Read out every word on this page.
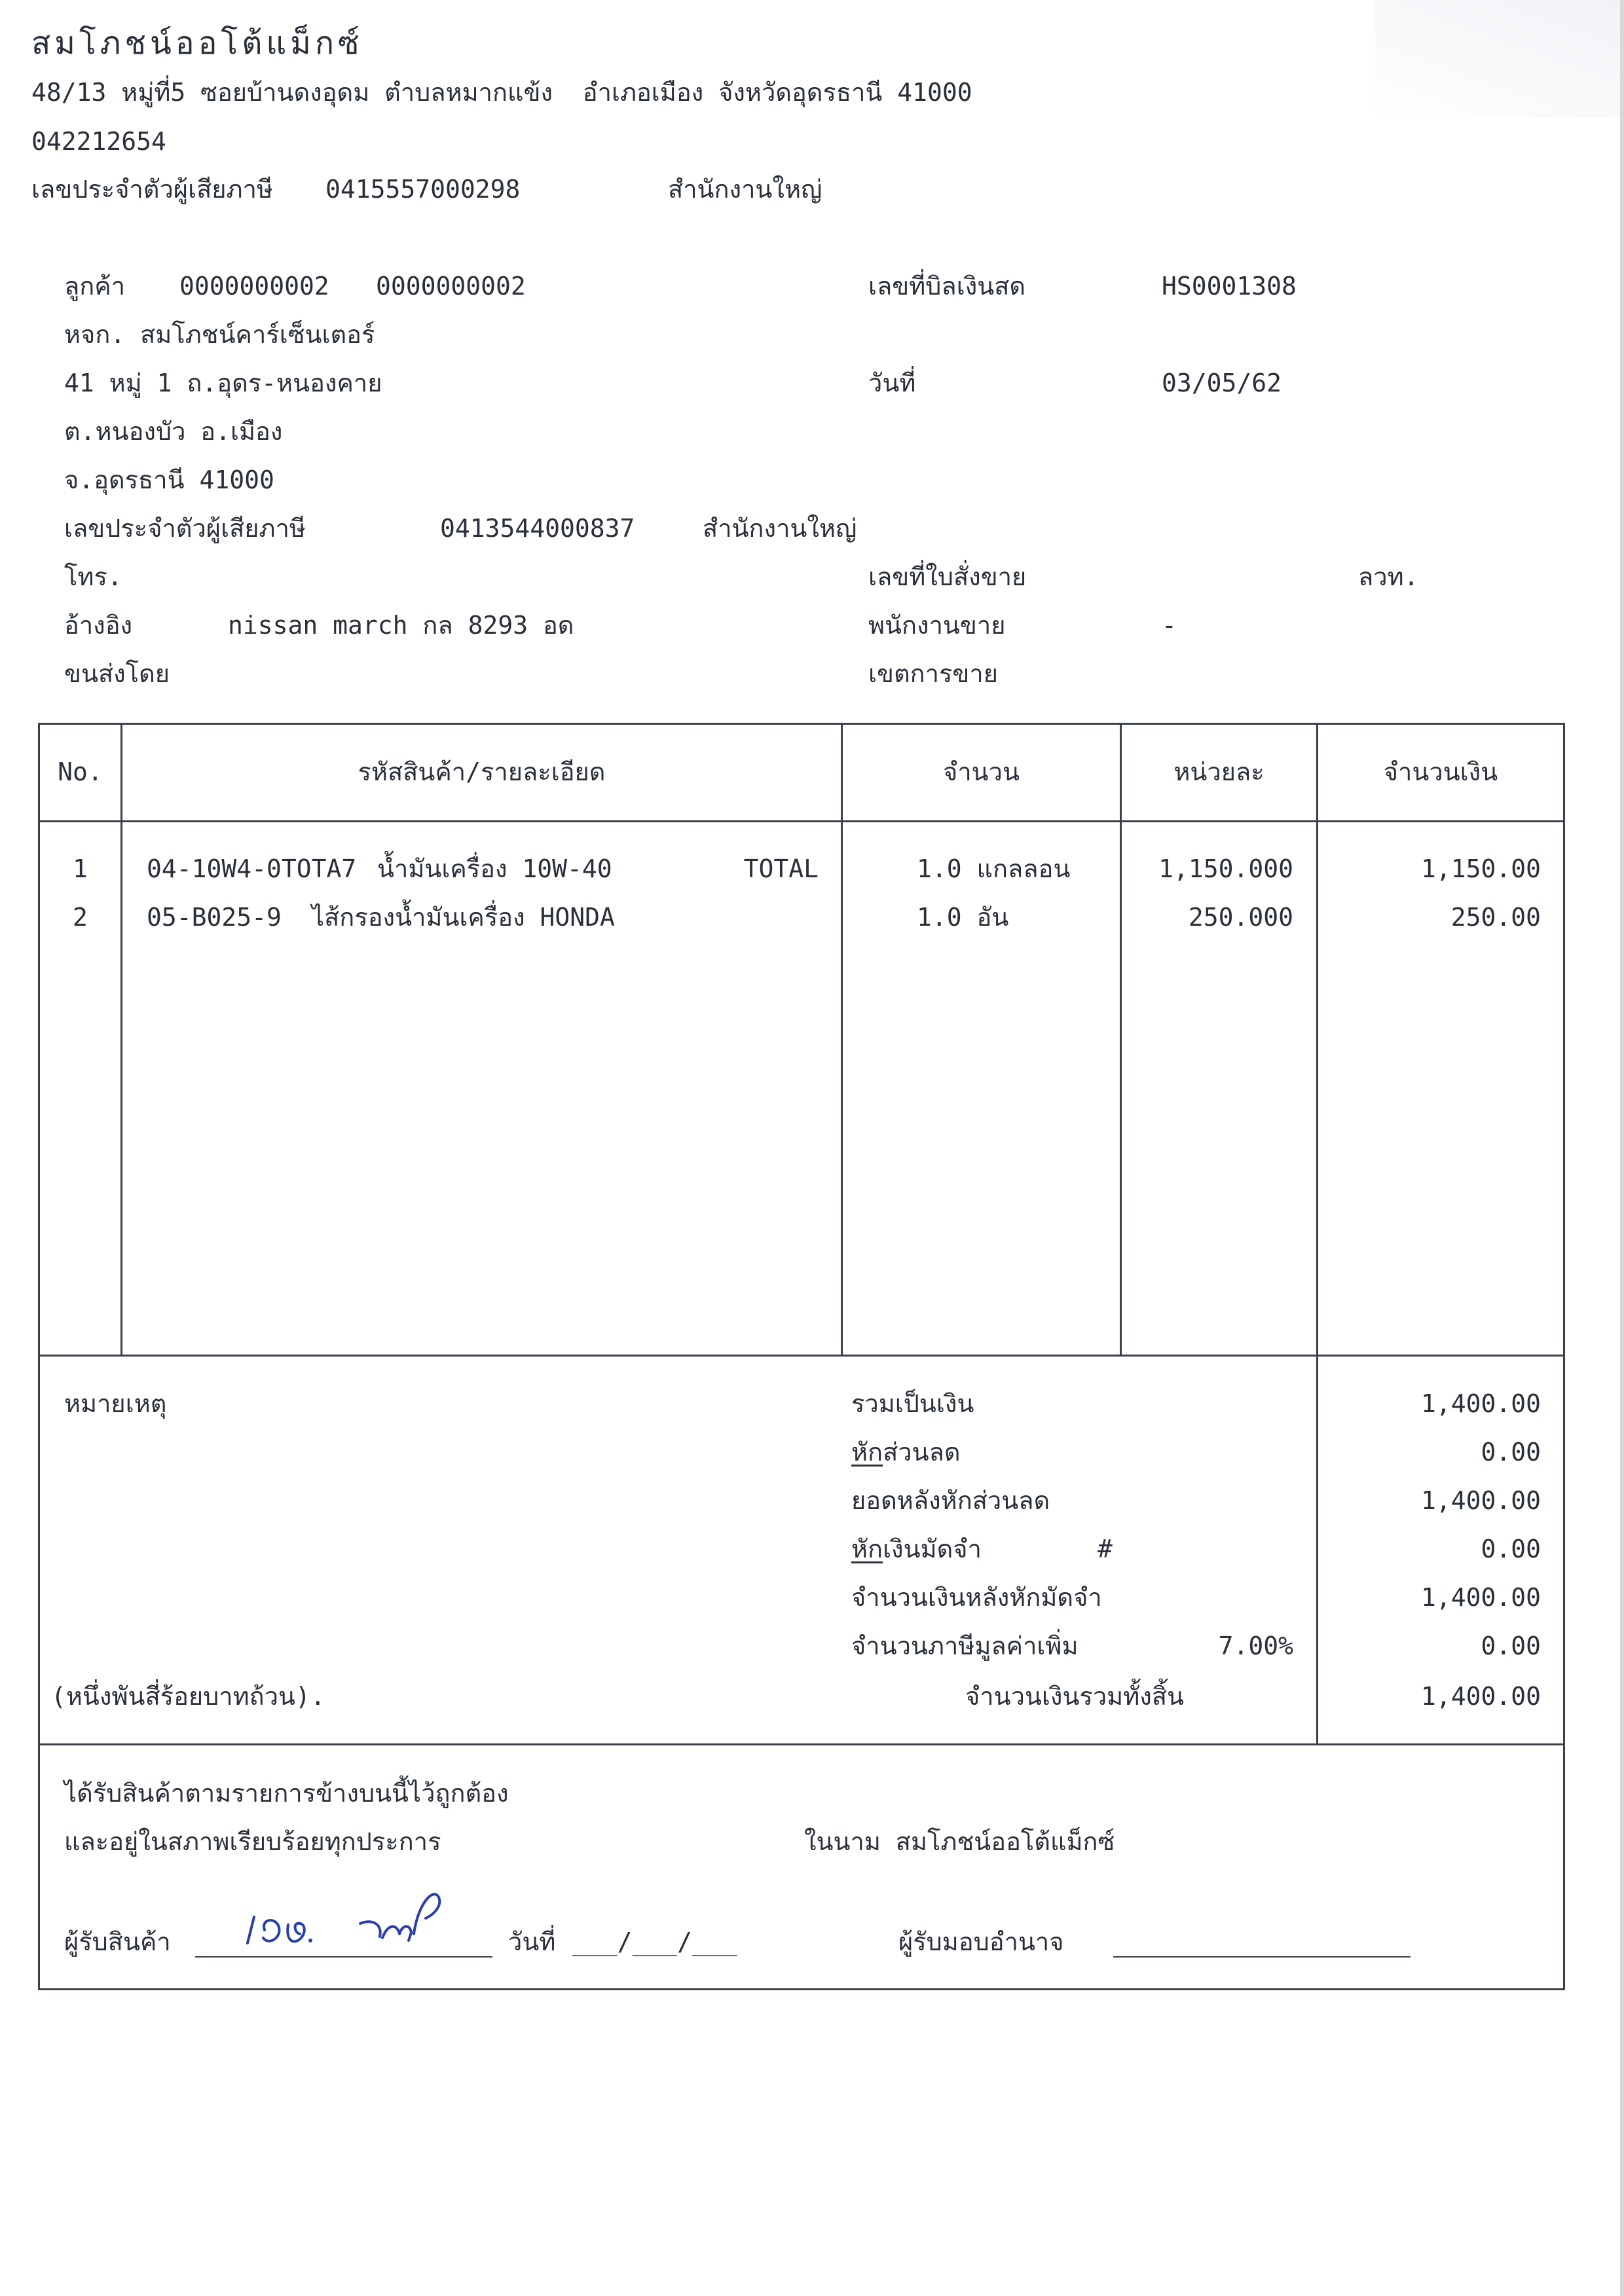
สมโภชน์ออโต้แม็กซ์
48/13 หมู่ที่5 ซอยบ้านดงอุดม ตำบลหมากแข้ง  อำเภอเมือง จังหวัดอุดรธานี 41000
042212654
เลขประจำตัวผู้เสียภาษี 0415557000298	สำนักงานใหญ่
ลูกค้า 0000000002 0000000002
หจก. สมโภชน์คาร์เซ็นเตอร์
41 หมู่ 1 ถ.อุดร-หนองคาย
ต.หนองบัว อ.เมือง
จ.อุดรธานี 41000
เลขประจำตัวผู้เสียภาษี	0413544000837	สำนักงานใหญ่
โทร.
อ้างอิง	nissan march กล 8293 อด
ขนส่งโดย
เลขที่บิลเงินสด	HS0001308
วันที่	03/05/62
เลขที่ใบสั่งขาย	ลวท.
พนักงานขาย	-
เขตการขาย
No.	รหัสสินค้า/รายละเอียด	จำนวน	หน่วยละ	จำนวนเงิน
1	04-10W4-0TOTA7 น้ำมันเครื่อง 10W-40	TOTAL	1.0 แกลลอน	1,150.000	1,150.00
2	05-B025-9 ไส้กรองน้ำมันเครื่อง HONDA	1.0 อัน	250.000	250.00
หมายเหตุ
(หนึ่งพันสี่ร้อยบาทถ้วน).
รวมเป็นเงิน	1,400.00
หักส่วนลด	0.00
ยอดหลังหักส่วนลด	1,400.00
หักเงินมัดจำ	#	0.00
จำนวนเงินหลังหักมัดจำ	1,400.00
จำนวนภาษีมูลค่าเพิ่ม	7.00%	0.00
จำนวนเงินรวมทั้งสิ้น	1,400.00
ได้รับสินค้าตามรายการข้างบนนี้ไว้ถูกต้อง
และอยู่ในสภาพเรียบร้อยทุกประการ	ในนาม สมโภชน์ออโต้แม็กซ์
ผู้รับสินค้า	วันที่ ___/___/___	ผู้รับมอบอำนาจ
